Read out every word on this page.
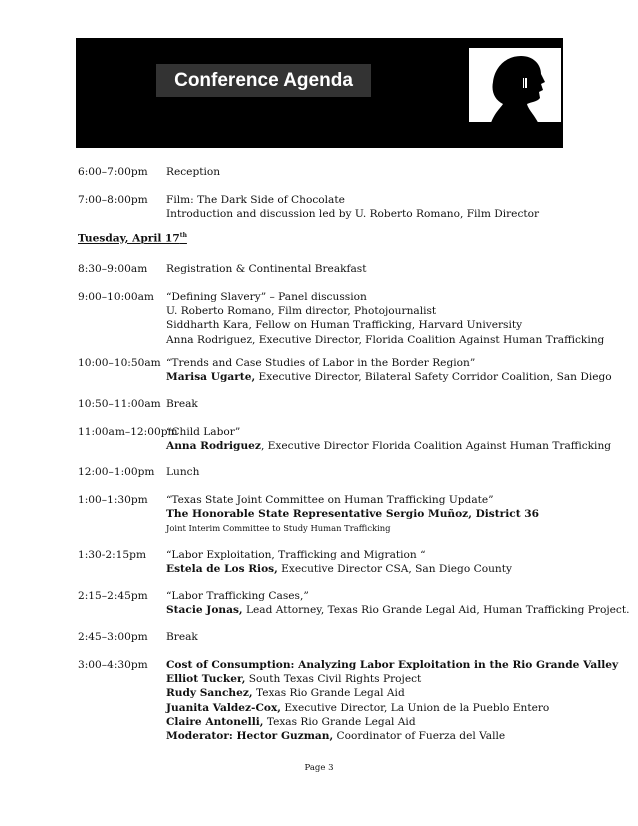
Conference Agenda
6:00–7:00pm Reception
7:00–8:00pm Film: The Dark Side of Chocolate
Introduction and discussion led by U. Roberto Romano, Film Director
8:30–9:00am Registration & Continental Breakfast
9:00–10:00am “Defining Slavery” – Panel discussion
U. Roberto Romano, Film director, Photojournalist
Siddharth Kara, Fellow on Human Trafficking, Harvard University
Anna Rodriguez, Executive Director, Florida Coalition Against Human Trafficking
10:00–10:50am “Trends and Case Studies of Labor in the Border Region”
Marisa Ugarte, Executive Director, Bilateral Safety Corridor Coalition, San Diego
10:50–11:00am Break
11:00am–12:00pm
“Child Labor”
Anna Rodriguez, Executive Director Florida Coalition Against Human Trafficking
12:00–1:00pm Lunch
1:00–1:30pm “Texas State Joint Committee on Human Trafficking Update”
The Honorable State Representative Sergio Muñoz, District 36
Joint Interim Committee to Study Human Trafficking
1:30-2:15pm “Labor Exploitation, Trafficking and Migration “
Estela de Los Rios, Executive Director CSA, San Diego County
2:15–2:45pm “Labor Trafficking Cases,”
Stacie Jonas, Lead Attorney, Texas Rio Grande Legal Aid, Human Trafficking Project.
2:45–3:00pm Break
3:00–4:30pm Cost of Consumption: Analyzing Labor Exploitation in the Rio Grande Valley
Elliot Tucker, South Texas Civil Rights Project
Rudy Sanchez, Texas Rio Grande Legal Aid
Juanita Valdez-Cox, Executive Director, La Union de la Pueblo Entero
Claire Antonelli, Texas Rio Grande Legal Aid
Moderator: Hector Guzman, Coordinator of Fuerza del Valle
Tuesday, April 17th
Page 3
